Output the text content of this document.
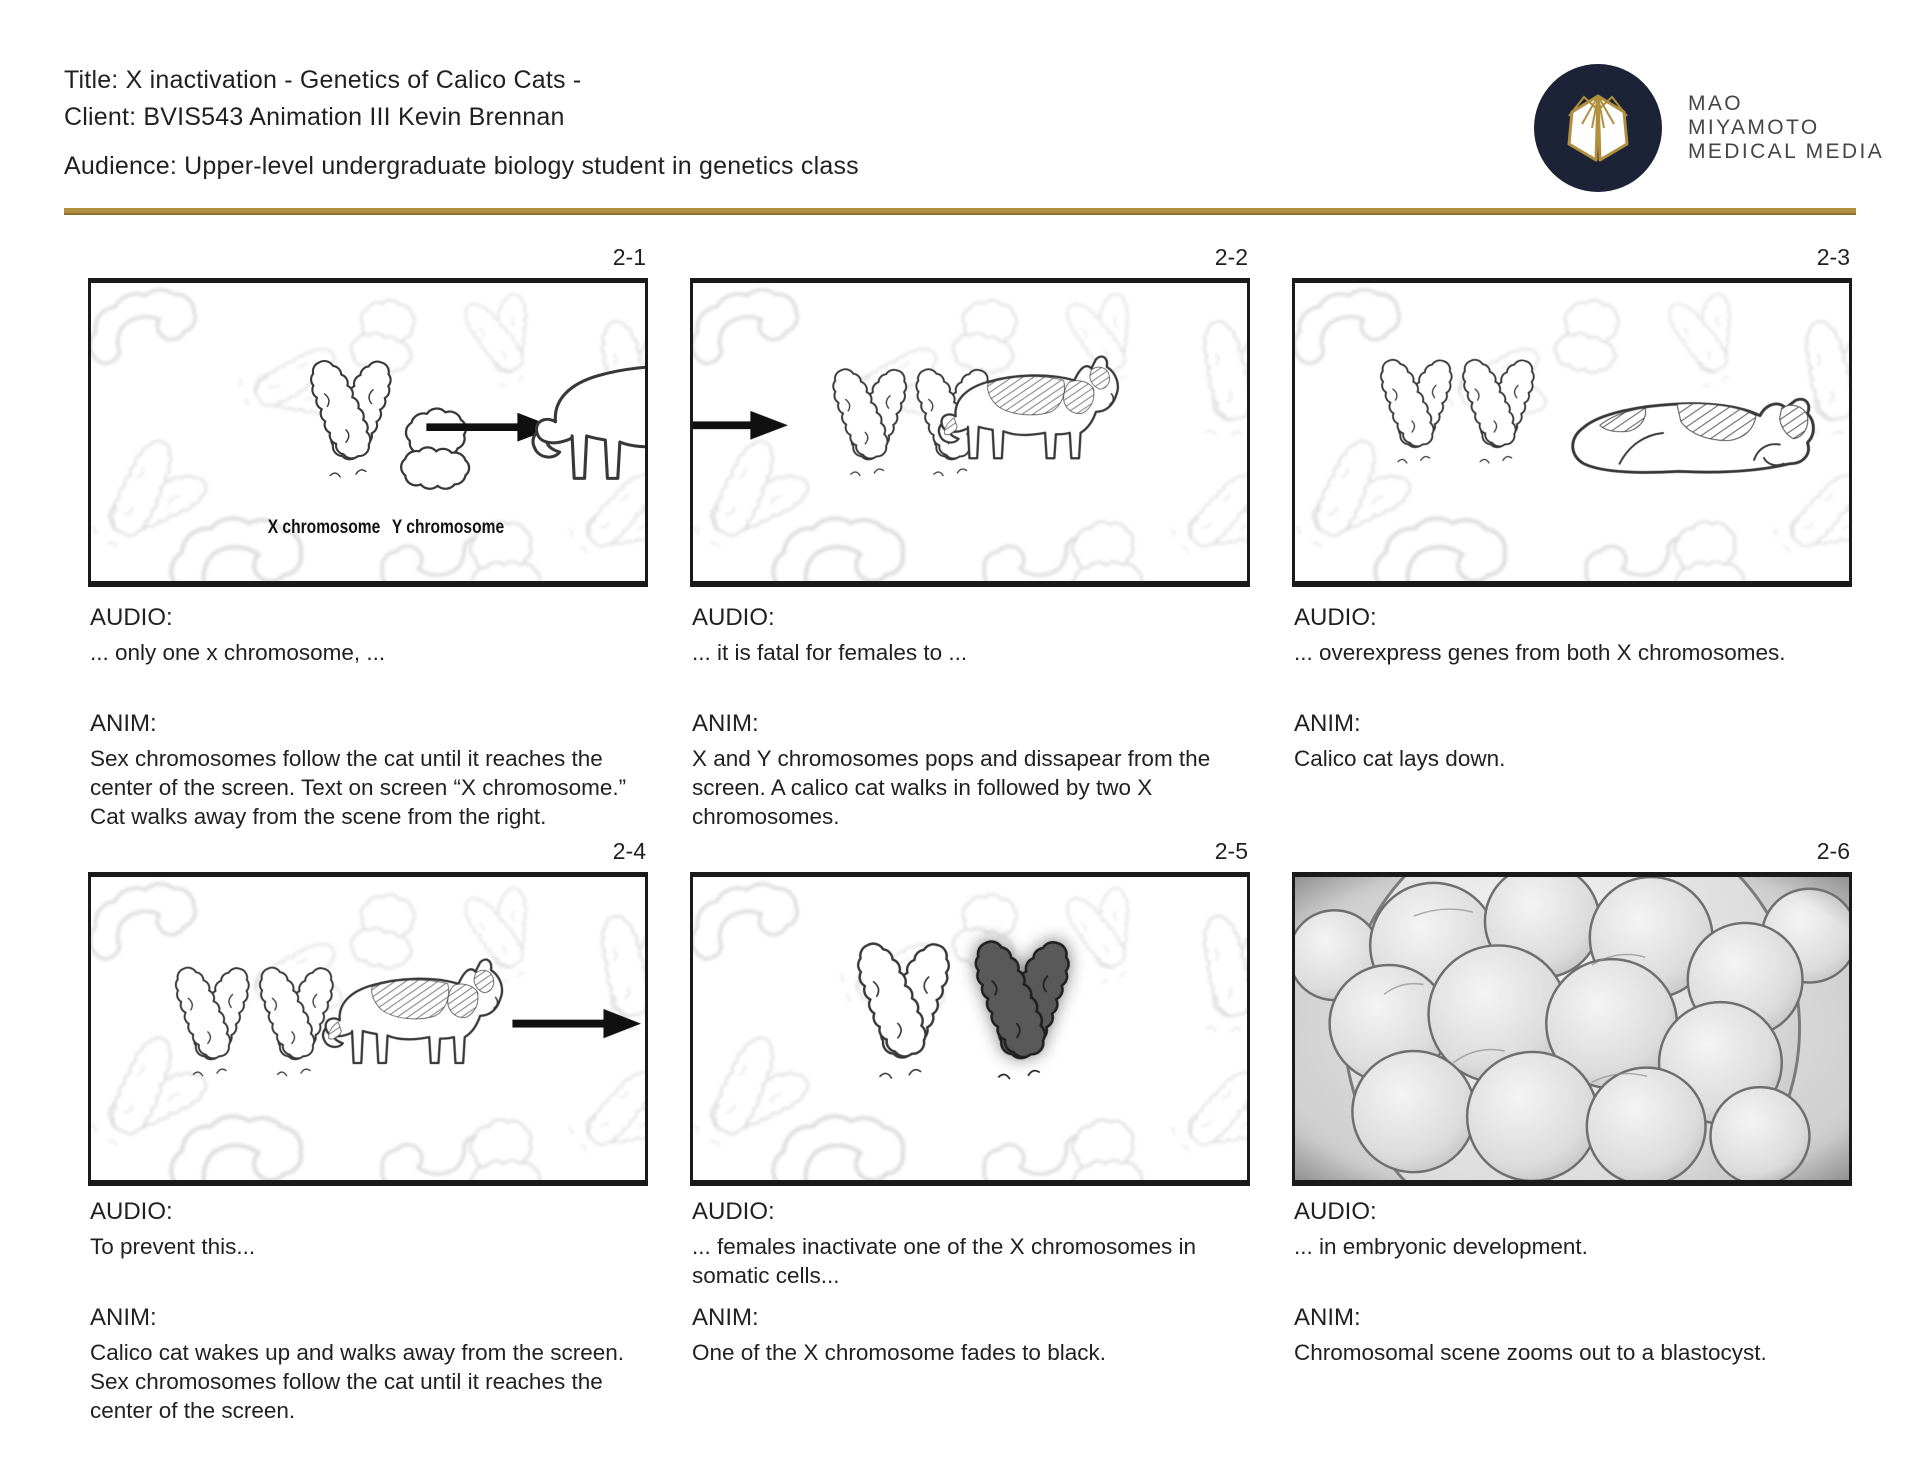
Title: X inactivation - Genetics of Calico Cats -
Client: BVIS543 Animation III Kevin Brennan
Audience: Upper-level undergraduate biology student in genetics class
MAO
MIYAMOTO
MEDICAL MEDIA
2-1
X chromosome Y chromosome

AUDIO:

... only one x chromosome, ...

ANIM:

Sex chromosomes follow the cat until it reaches the center of the screen. Text on screen “X chromosome.” Cat walks away from the scene from the right.

2-2

AUDIO:

... it is fatal for females to ...

ANIM:

X and Y chromosomes pops and dissapear from the screen. A calico cat walks in followed by two X chromosomes.

2-3

AUDIO:

... overexpress genes from both X chromosomes.

ANIM:

Calico cat lays down.

2-4

AUDIO:

To prevent this...

ANIM:

Calico cat wakes up and walks away from the screen. Sex chromosomes follow the cat until it reaches the center of the screen.

2-5

AUDIO:

... females inactivate one of the X chromosomes in somatic cells...

ANIM:

One of the X chromosome fades to black.

2-6

AUDIO:

... in embryonic development.

ANIM:

Chromosomal scene zooms out to a blastocyst.
